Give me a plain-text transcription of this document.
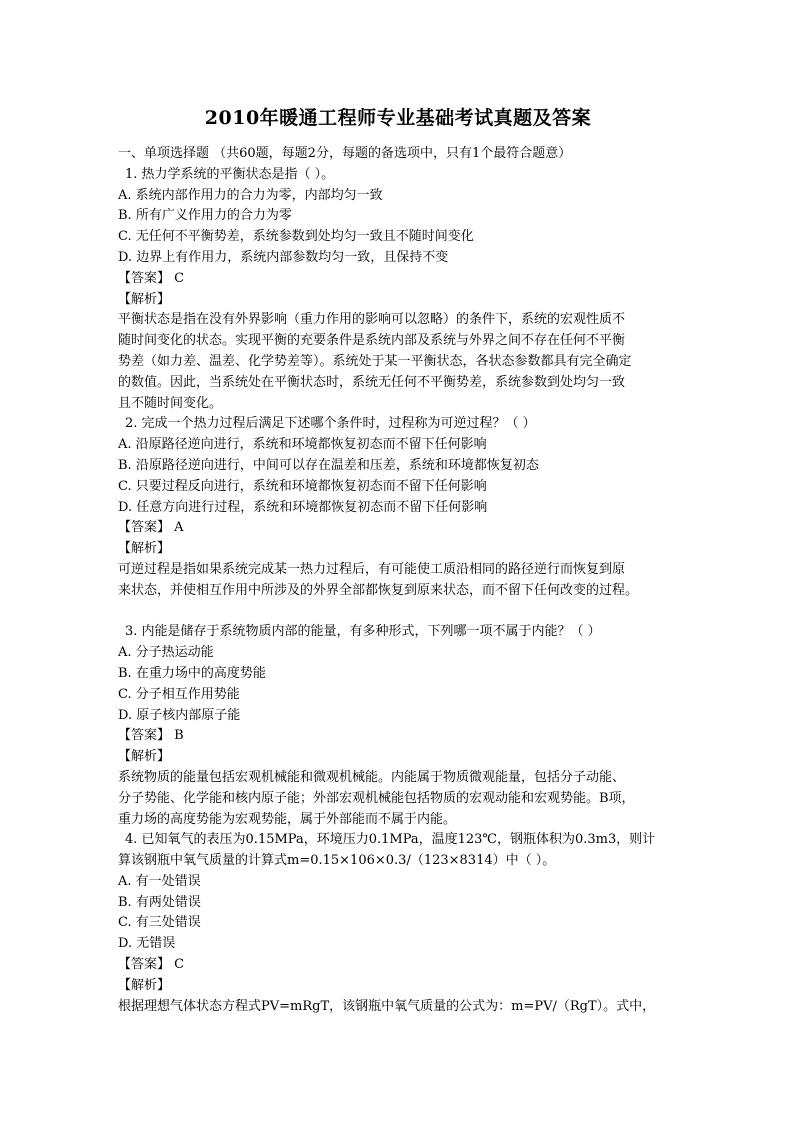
2010年暖通工程师专业基础考试真题及答案

一、单项选择题 （共60题，每题2分，每题的备选项中，只有1个最符合题意）

1. 热力学系统的平衡状态是指（ ）。

A. 系统内部作用力的合力为零，内部均匀一致

B. 所有广义作用力的合力为零

C. 无任何不平衡势差，系统参数到处均匀一致且不随时间变化

D. 边界上有作用力，系统内部参数均匀一致，且保持不变

【答案】 C

【解析】

平衡状态是指在没有外界影响（重力作用的影响可以忽略）的条件下，系统的宏观性质不

随时间变化的状态。实现平衡的充要条件是系统内部及系统与外界之间不存在任何不平衡

势差（如力差、温差、化学势差等）。系统处于某一平衡状态，各状态参数都具有完全确定

的数值。因此，当系统处在平衡状态时，系统无任何不平衡势差，系统参数到处均匀一致

且不随时间变化。

2. 完成一个热力过程后满足下述哪个条件时，过程称为可逆过程？（ ）

A. 沿原路径逆向进行，系统和环境都恢复初态而不留下任何影响

B. 沿原路径逆向进行，中间可以存在温差和压差，系统和环境都恢复初态

C. 只要过程反向进行，系统和环境都恢复初态而不留下任何影响

D. 任意方向进行过程，系统和环境都恢复初态而不留下任何影响

【答案】 A

【解析】

可逆过程是指如果系统完成某一热力过程后，有可能使工质沿相同的路径逆行而恢复到原

来状态，并使相互作用中所涉及的外界全部都恢复到原来状态，而不留下任何改变的过程。

3. 内能是储存于系统物质内部的能量，有多种形式，下列哪一项不属于内能？（ ）

A. 分子热运动能

B. 在重力场中的高度势能

C. 分子相互作用势能

D. 原子核内部原子能

【答案】 B

【解析】

系统物质的能量包括宏观机械能和微观机械能。内能属于物质微观能量，包括分子动能、

分子势能、化学能和核内原子能；外部宏观机械能包括物质的宏观动能和宏观势能。B项，

重力场的高度势能为宏观势能，属于外部能而不属于内能。

4. 已知氧气的表压为0.15MPa，环境压力0.1MPa，温度123℃，钢瓶体积为0.3m3，则计

算该钢瓶中氧气质量的计算式m=0.15×106×0.3/（123×8314）中（ ）。

A. 有一处错误

B. 有两处错误

C. 有三处错误

D. 无错误

【答案】 C

【解析】

根据理想气体状态方程式PV=mRgT，该钢瓶中氧气质量的公式为：m=PV/（RgT）。式中，
